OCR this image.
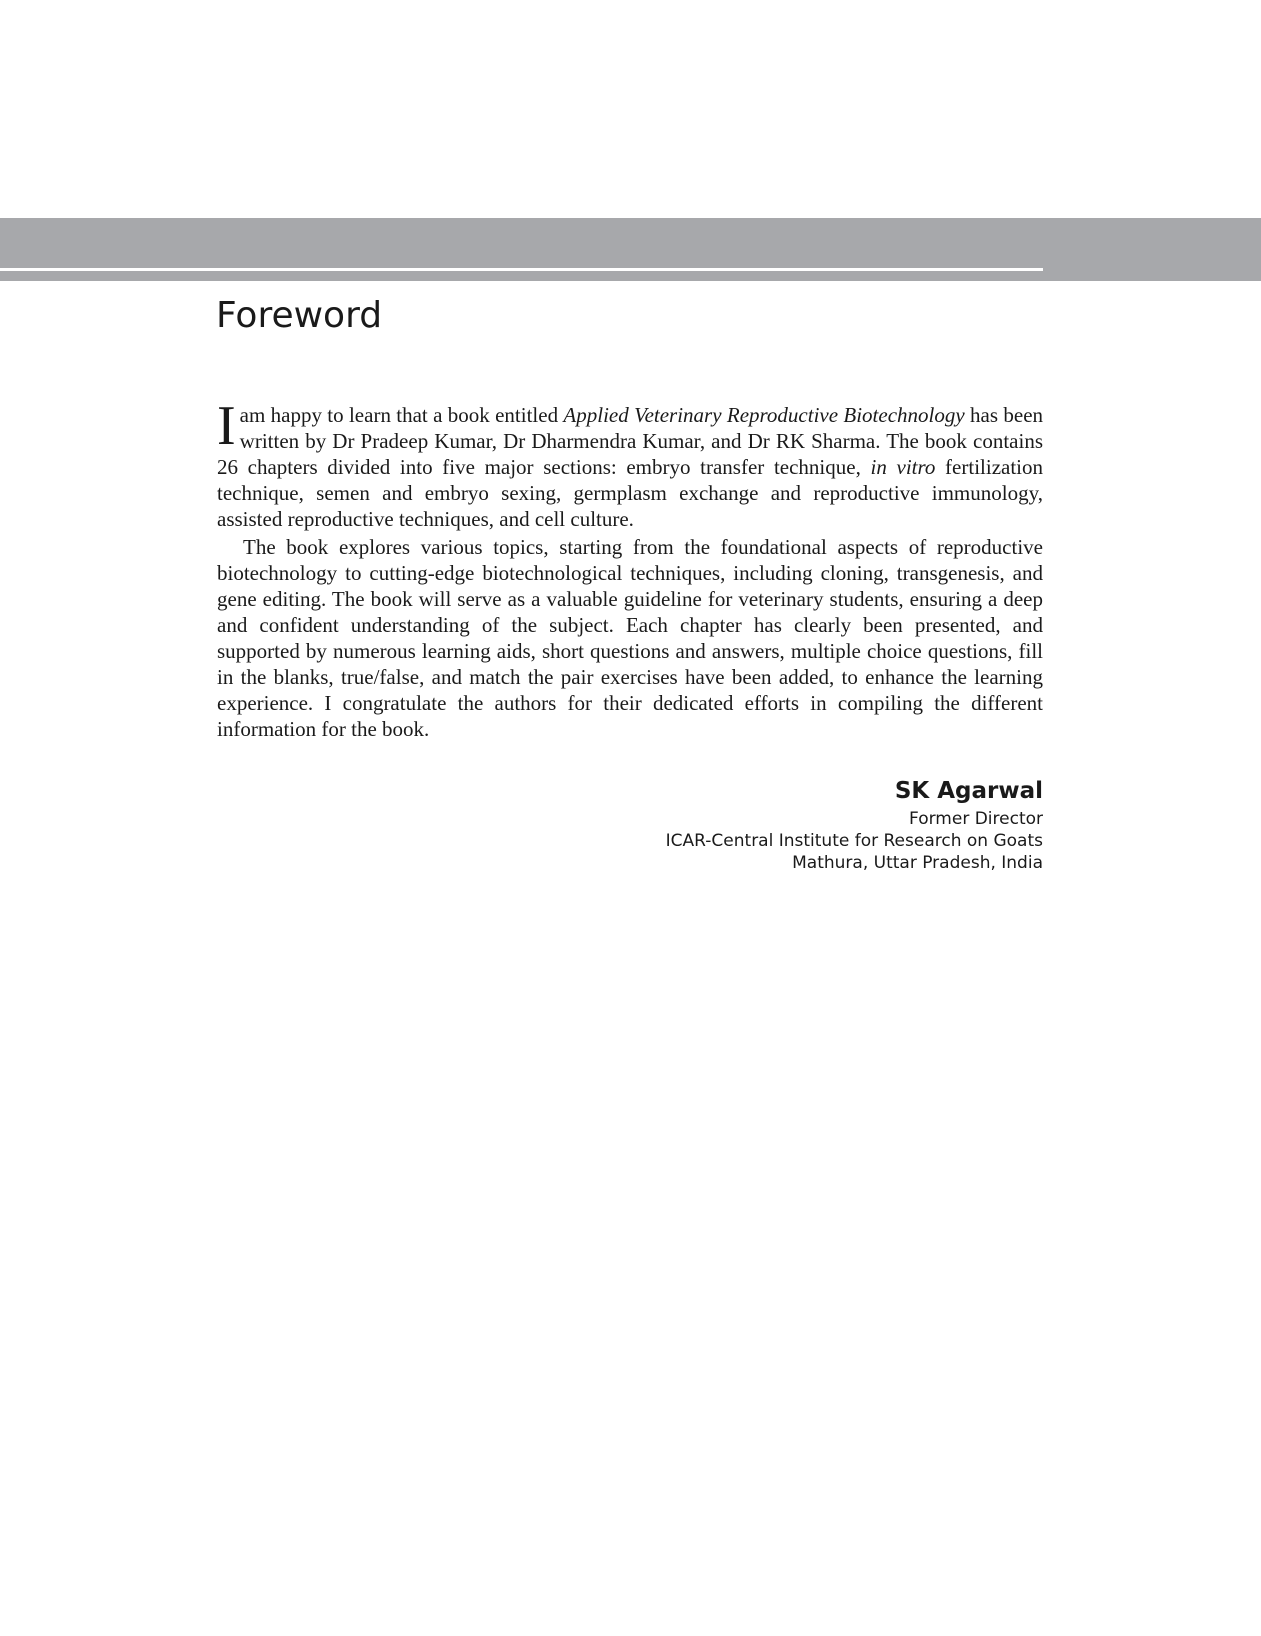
Foreword

Iam happy to learn that a book entitled Applied Veterinary Reproductive Biotechnology has been written by Dr Pradeep Kumar, Dr Dharmendra Kumar, and Dr RK Sharma. The book contains 26 chapters divided into five major sections: embryo transfer technique, in vitro fertilization technique, semen and embryo sexing, germplasm exchange and reproductive immunology, assisted reproductive techniques, and cell culture.

The book explores various topics, starting from the foundational aspects of reproductive biotechnology to cutting-edge biotechnological techniques, including cloning, transgenesis, and gene editing. The book will serve as a valuable guideline for veterinary students, ensuring a deep and confident understanding of the subject. Each chapter has clearly been presented, and supported by numerous learning aids, short questions and answers, multiple choice questions, fill in the blanks, true/false, and match the pair exercises have been added, to enhance the learning experience. I congratulate the authors for their dedicated efforts in compiling the different information for the book.

SK Agarwal
Former Director
ICAR-Central Institute for Research on Goats
Mathura, Uttar Pradesh, India
